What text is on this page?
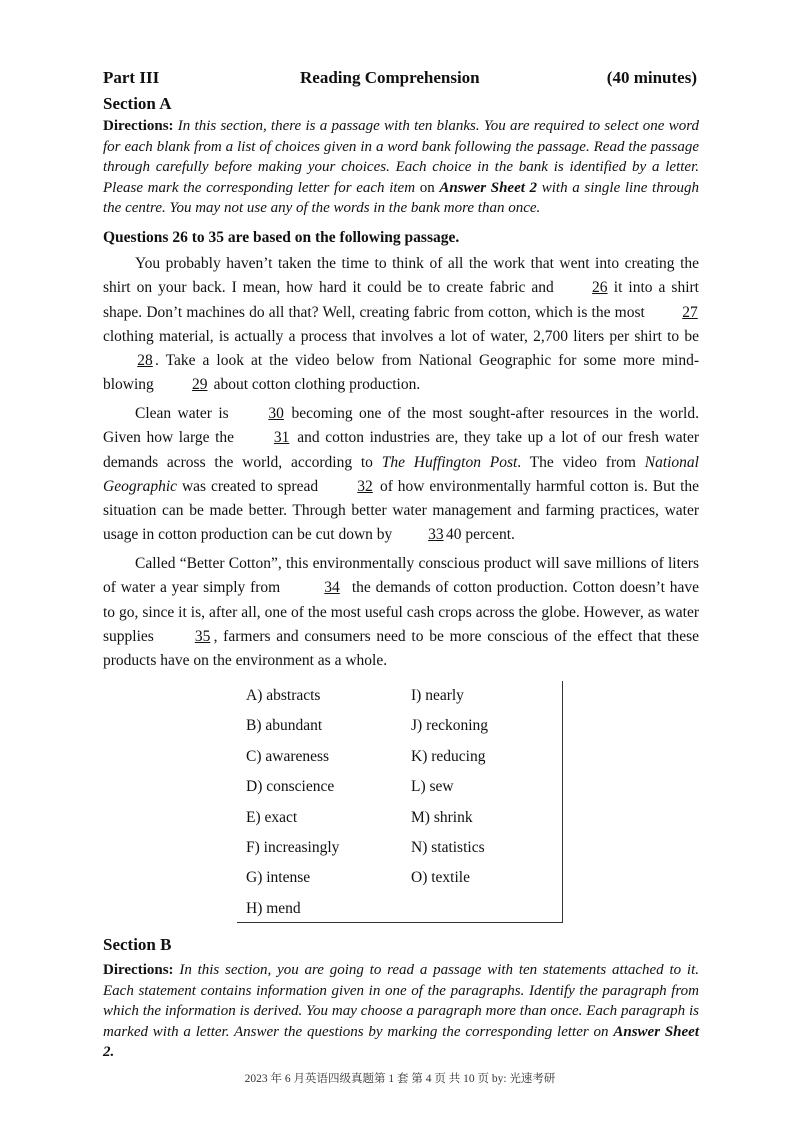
Part III	Reading Comprehension	(40 minutes)
Section A
Directions: In this section, there is a passage with ten blanks. You are required to select one word for each blank from a list of choices given in a word bank following the passage. Read the passage through carefully before making your choices. Each choice in the bank is identified by a letter. Please mark the corresponding letter for each item on Answer Sheet 2 with a single line through the centre. You may not use any of the words in the bank more than once.
Questions 26 to 35 are based on the following passage.
You probably haven’t taken the time to think of all the work that went into creating the shirt on your back. I mean, how hard it could be to create fabric and 26 it into a shirt shape. Don’t machines do all that? Well, creating fabric from cotton, which is the most 27 clothing material, is actually a process that involves a lot of water, 2,700 liters per shirt to be 28 . Take a look at the video below from National Geographic for some more mind-blowing 29 about cotton clothing production.
Clean water is 30 becoming one of the most sought-after resources in the world. Given how large the 31 and cotton industries are, they take up a lot of our fresh water demands across the world, according to The Huffington Post. The video from National Geographic was created to spread 32 of how environmentally harmful cotton is. But the situation can be made better. Through better water management and farming practices, water usage in cotton production can be cut down by 33 40 percent.
Called “Better Cotton”, this environmentally conscious product will save millions of liters of water a year simply from	34 the demands of cotton production. Cotton doesn’t have to go, since it is, after all, one of the most useful cash crops across the globe. However, as water supplies 35 , farmers and consumers need to be more conscious of the effect that these products have on the environment as a whole.
A) abstracts
B) abundant
C) awareness
D) conscience
E) exact
F) increasingly
G) intense
H) mend
I) nearly
J) reckoning
K) reducing
L) sew
M) shrink
N) statistics
O) textile
Section B
Directions: In this section, you are going to read a passage with ten statements attached to it. Each statement contains information given in one of the paragraphs. Identify the paragraph from which the information is derived. You may choose a paragraph more than once. Each paragraph is marked with a letter. Answer the questions by marking the corresponding letter on Answer Sheet 2.
2023 年 6 月英语四级真题第 1 套 第 4 页 共 10 页 by: 光速考研
